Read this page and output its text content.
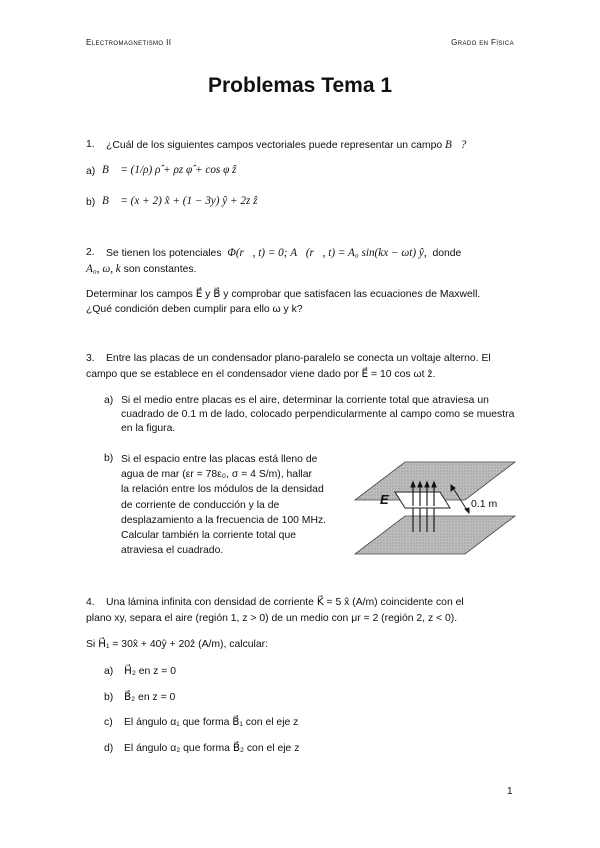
Electromagnetismo II	Grado en Física
Problemas Tema 1
1. ¿Cuál de los siguientes campos vectoriales puede representar un campo B⃗?
a) B⃗ = (1/ρ) ρ̂ + ρz φ̂ + cos φ ẑ
b) B⃗ = (x + 2) x̂ + (1 − 3y) ŷ + 2z ẑ
2. Se tienen los potenciales Φ(r⃗, t) = 0; A⃗(r⃗, t) = A₀ sin(kx − ωt) ŷ, donde
A₀, ω, k son constantes.
Determinar los campos E⃗ y B⃗ y comprobar que satisfacen las ecuaciones de Maxwell.
¿Qué condición deben cumplir para ello ω y k?
3. Entre las placas de un condensador plano-paralelo se conecta un voltaje alterno. El
campo que se establece en el condensador viene dado por E⃗ = 10 cos ωt ẑ.
a) Si el medio entre placas es el aire, determinar la corriente total que atraviesa un cuadrado de 0.1 m de lado, colocado perpendicularmente al campo como se muestra en la figura.
b) Si el espacio entre las placas está lleno de
agua de mar (εr = 78ε₀, σ = 4 S/m), hallar
la relación entre los módulos de la densidad
de corriente de conducción y la de
desplazamiento a la frecuencia de 100 MHz.
Calcular también la corriente total que
atraviesa el cuadrado.
E	0.1 m
4. Una lámina infinita con densidad de corriente K⃗ = 5 x̂ (A/m) coincidente con el
plano xy, separa el aire (región 1, z > 0) de un medio con μr = 2 (región 2, z < 0).
Si H⃗₁ = 30x̂ + 40ŷ + 20ẑ (A/m), calcular:
a) H⃗₂ en z = 0
b) B⃗₂ en z = 0
c) El ángulo α₁ que forma B⃗₁ con el eje z
d) El ángulo α₂ que forma B⃗₂ con el eje z
1
